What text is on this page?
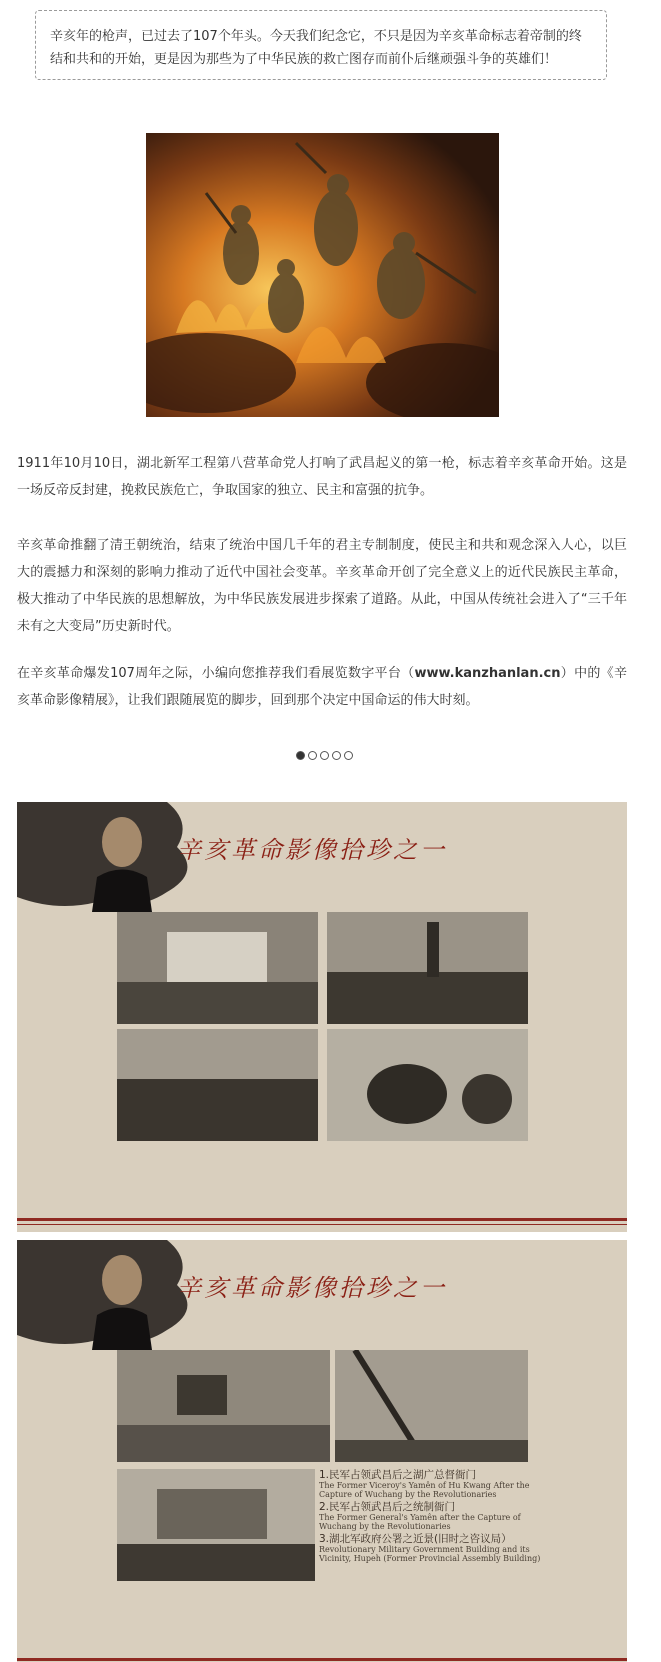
辛亥年的枪声，已过去了107个年头。今天我们纪念它，不只是因为辛亥革命标志着帝制的终结和共和的开始，更是因为那些为了中华民族的救亡图存而前仆后继顽强斗争的英雄们！
1911年10月10日，湖北新军工程第八营革命党人打响了武昌起义的第一枪，标志着辛亥革命开始。这是一场反帝反封建，挽救民族危亡，争取国家的独立、民主和富强的抗争。
辛亥革命推翻了清王朝统治，结束了统治中国几千年的君主专制制度，使民主和共和观念深入人心，以巨大的震撼力和深刻的影响力推动了近代中国社会变革。辛亥革命开创了完全意义上的近代民族民主革命，极大推动了中华民族的思想解放，为中华民族发展进步探索了道路。从此，中国从传统社会进入了“三千年未有之大变局”历史新时代。
在辛亥革命爆发107周年之际，小编向您推荐我们看展览数字平台（www.kanzhanlan.cn）中的《辛亥革命影像精展》，让我们跟随展览的脚步，回到那个决定中国命运的伟大时刻。
辛亥革命影像拾珍之一
辛亥革命影像拾珍之一
1.民军占领武昌后之湖广总督衙门
The Former Viceroy's Yamên of Hu Kwang After the Capture of Wuchang by the Revolutionaries
2.民军占领武昌后之统制衙门
The Former General's Yamên after the Capture of Wuchang by the Revolutionaries
3.湖北军政府公署之近景(旧时之咨议局）
Revolutionary Military Government Building and its Vicinity, Hupeh (Former Provincial Assembly Building)
